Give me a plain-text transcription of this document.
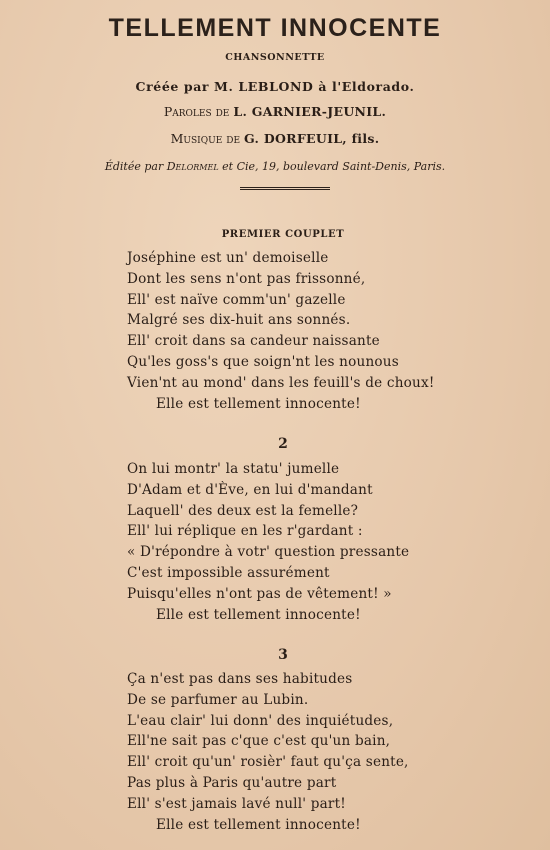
TELLEMENT INNOCENTE

CHANSONNETTE

Créée par M. LEBLOND à l'Eldorado.

Paroles de L. GARNIER-JEUNIL.

Musique de G. DORFEUIL, fils.

Éditée par Delormel et Cie, 19, boulevard Saint-Denis, Paris.

PREMIER COUPLET

Joséphine est un' demoiselle
Dont les sens n'ont pas frissonné,
Ell' est naïve comm'un' gazelle
Malgré ses dix-huit ans sonnés.
Ell' croit dans sa candeur naissante
Qu'les goss's que soign'nt les nounous
Vien'nt au mond' dans les feuill's de choux!
Elle est tellement innocente!

2

On lui montr' la statu' jumelle
D'Adam et d'Ève, en lui d'mandant
Laquell' des deux est la femelle?
Ell' lui réplique en les r'gardant :
« D'répondre à votr' question pressante
C'est impossible assurément
Puisqu'elles n'ont pas de vêtement! »
Elle est tellement innocente!

3

Ça n'est pas dans ses habitudes
De se parfumer au Lubin.
L'eau clair' lui donn' des inquiétudes,
Ell'ne sait pas c'que c'est qu'un bain,
Ell' croit qu'un' rosièr' faut qu'ça sente,
Pas plus à Paris qu'autre part
Ell' s'est jamais lavé null' part!
Elle est tellement innocente!
